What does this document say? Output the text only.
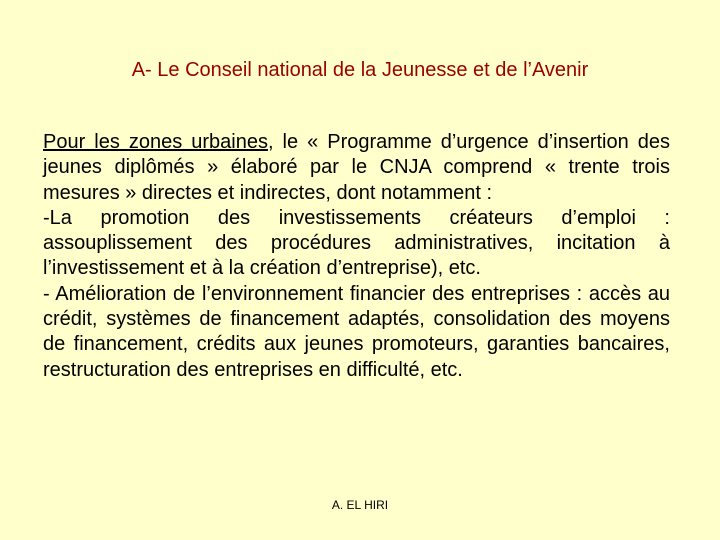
A- Le Conseil national de la Jeunesse et de l’Avenir

Pour les zones urbaines, le « Programme d’urgence d’insertion des jeunes diplômés » élaboré par le CNJA comprend « trente trois mesures » directes et indirectes, dont notamment :

-La promotion des investissements créateurs d’emploi : assouplissement des procédures administratives, incitation à l’investissement et à la création d’entreprise), etc.

- Amélioration de l’environnement financier des entreprises : accès au crédit, systèmes de financement adaptés, consolidation des moyens de financement, crédits aux jeunes promoteurs, garanties bancaires, restructuration des entreprises en difficulté, etc.

A. EL HIRI
